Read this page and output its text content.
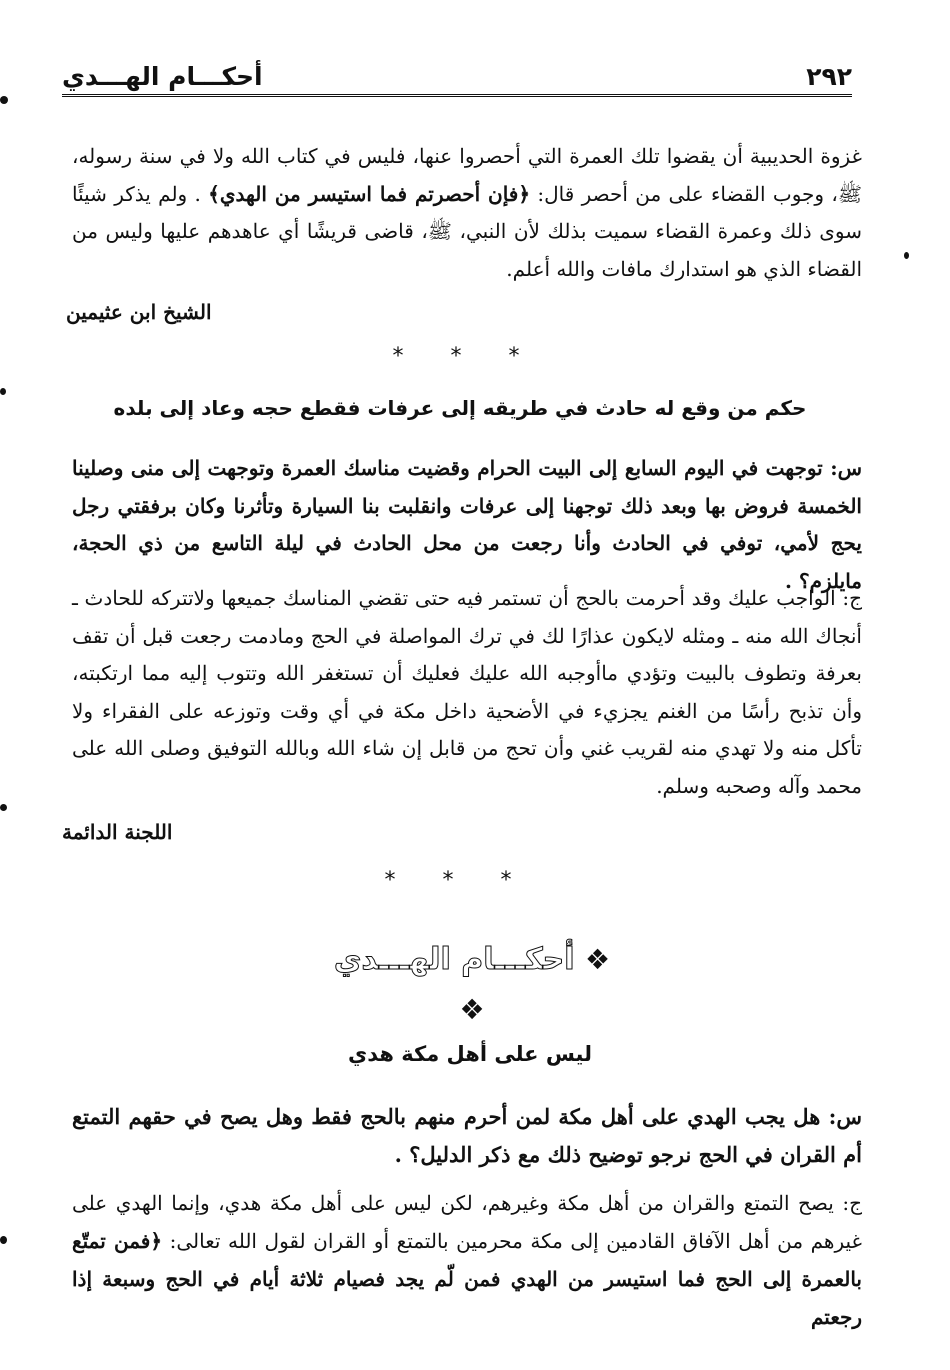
٢٩٢
أحكـــام الهـــدي

غزوة الحديبية أن يقضوا تلك العمرة التي أحصروا عنها، فليس في كتاب الله ولا في سنة رسوله، ﷺ، وجوب القضاء على من أحصر قال: ﴿فإن أحصرتم فما استيسر من الهدي﴾ . ولم يذكر شيئًا سوى ذلك وعمرة القضاء سميت بذلك لأن النبي، ﷺ، قاضى قريشًا أي عاهدهم عليها وليس من القضاء الذي هو استدارك مافات والله أعلم.

الشيخ ابن عثيمين
* * *
حكم من وقع له حادث في طريقه إلى عرفات فقطع حجه وعاد إلى بلده

س: توجهت في اليوم السابع إلى البيت الحرام وقضيت مناسك العمرة وتوجهت إلى منى وصلينا الخمسة فروض بها وبعد ذلك توجهنا إلى عرفات وانقلبت بنا السيارة وتأثرنا وكان برفقتي رجل يحج لأمي، توفي في الحادث وأنا رجعت من محل الحادث في ليلة التاسع من ذي الحجة، مايلزم؟ .

ج: الواجب عليك وقد أحرمت بالحج أن تستمر فيه حتى تقضي المناسك جميعها ولاتتركه للحادث ـ أنجاك الله منه ـ ومثله لايكون عذارًا لك في ترك المواصلة في الحج ومادمت رجعت قبل أن تقف بعرفة وتطوف بالبيت وتؤدي ماأوجبه الله عليك فعليك أن تستغفر الله وتتوب إليه مما ارتكبته، وأن تذبح رأسًا من الغنم يجزيء في الأضحية داخل مكة في أي وقت وتوزعه على الفقراء ولا تأكل منه ولا تهدي منه لقريب غني وأن تحج من قابل إن شاء الله وبالله التوفيق وصلى الله على محمد وآله وصحبه وسلم.

اللجنة الدائمة
* * *
❖ أحكـــام الهـــدي ❖
ليس على أهل مكة هدي

س: هل يجب الهدي على أهل مكة لمن أحرم منهم بالحج فقط وهل يصح في حقهم التمتع أم القران في الحج نرجو توضيح ذلك مع ذكر الدليل؟ .

ج: يصح التمتع والقران من أهل مكة وغيرهم، لكن ليس على أهل مكة هدي، وإنما الهدي على غيرهم من أهل الآفاق القادمين إلى مكة محرمين بالتمتع أو القران لقول الله تعالى: ﴿فمن تمتّع بالعمرة إلى الحج فما استيسر من الهدي فمن لّم يجد فصيام ثلاثة أيام في الحج وسبعة إذا رجعتم
